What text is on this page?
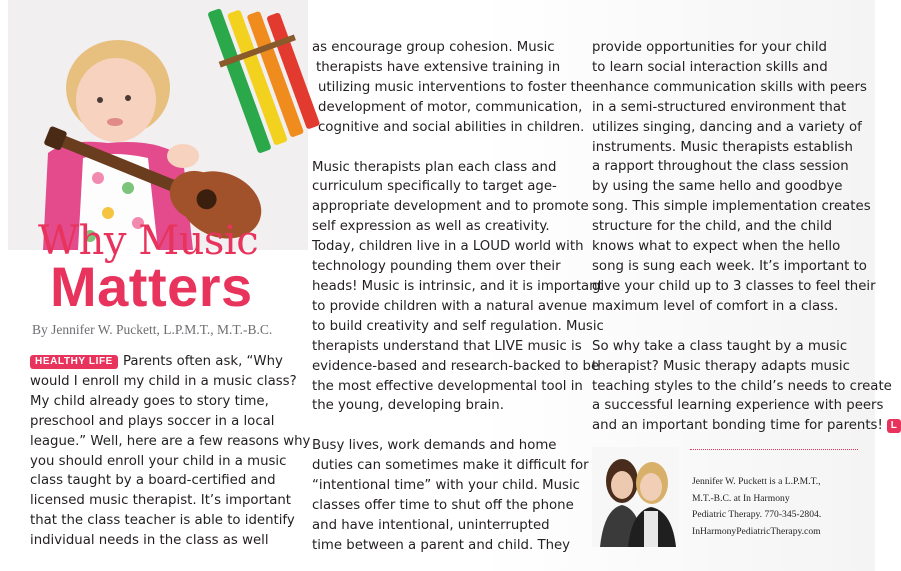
Why Music
Matters

By Jennifer W. Puckett, L.P.M.T., M.T.-B.C.

HEALTHY LIFE Parents often ask, “Why

would I enroll my child in a music class?

My child already goes to story time,

preschool and plays soccer in a local

league.” Well, here are a few reasons why

you should enroll your child in a music

class taught by a board-certified and

licensed music therapist. It’s important

that the class teacher is able to identify

individual needs in the class as well

as encourage group cohesion. Music

therapists have extensive training in

utilizing music interventions to foster the

development of motor, communication,

cognitive and social abilities in children.

Music therapists plan each class and

curriculum specifically to target age-

appropriate development and to promote

self expression as well as creativity.

Today, children live in a LOUD world with

technology pounding them over their

heads! Music is intrinsic, and it is important

to provide children with a natural avenue

to build creativity and self regulation. Music

therapists understand that LIVE music is

evidence-based and research-backed to be

the most effective developmental tool in

the young, developing brain.

Busy lives, work demands and home

duties can sometimes make it difficult for

“intentional time” with your child. Music

classes offer time to shut off the phone

and have intentional, uninterrupted

time between a parent and child. They

provide opportunities for your child

to learn social interaction skills and

enhance communication skills with peers

in a semi-structured environment that

utilizes singing, dancing and a variety of

instruments. Music therapists establish

a rapport throughout the class session

by using the same hello and goodbye

song. This simple implementation creates

structure for the child, and the child

knows what to expect when the hello

song is sung each week. It’s important to

give your child up to 3 classes to feel their

maximum level of comfort in a class.

So why take a class taught by a music

therapist? Music therapy adapts music

teaching styles to the child’s needs to create

a successful learning experience with peers

and an important bonding time for parents! L

Jennifer W. Puckett is a L.P.M.T.,

M.T.-B.C. at In Harmony

Pediatric Therapy. 770-345-2804.

InHarmonyPediatricTherapy.com
